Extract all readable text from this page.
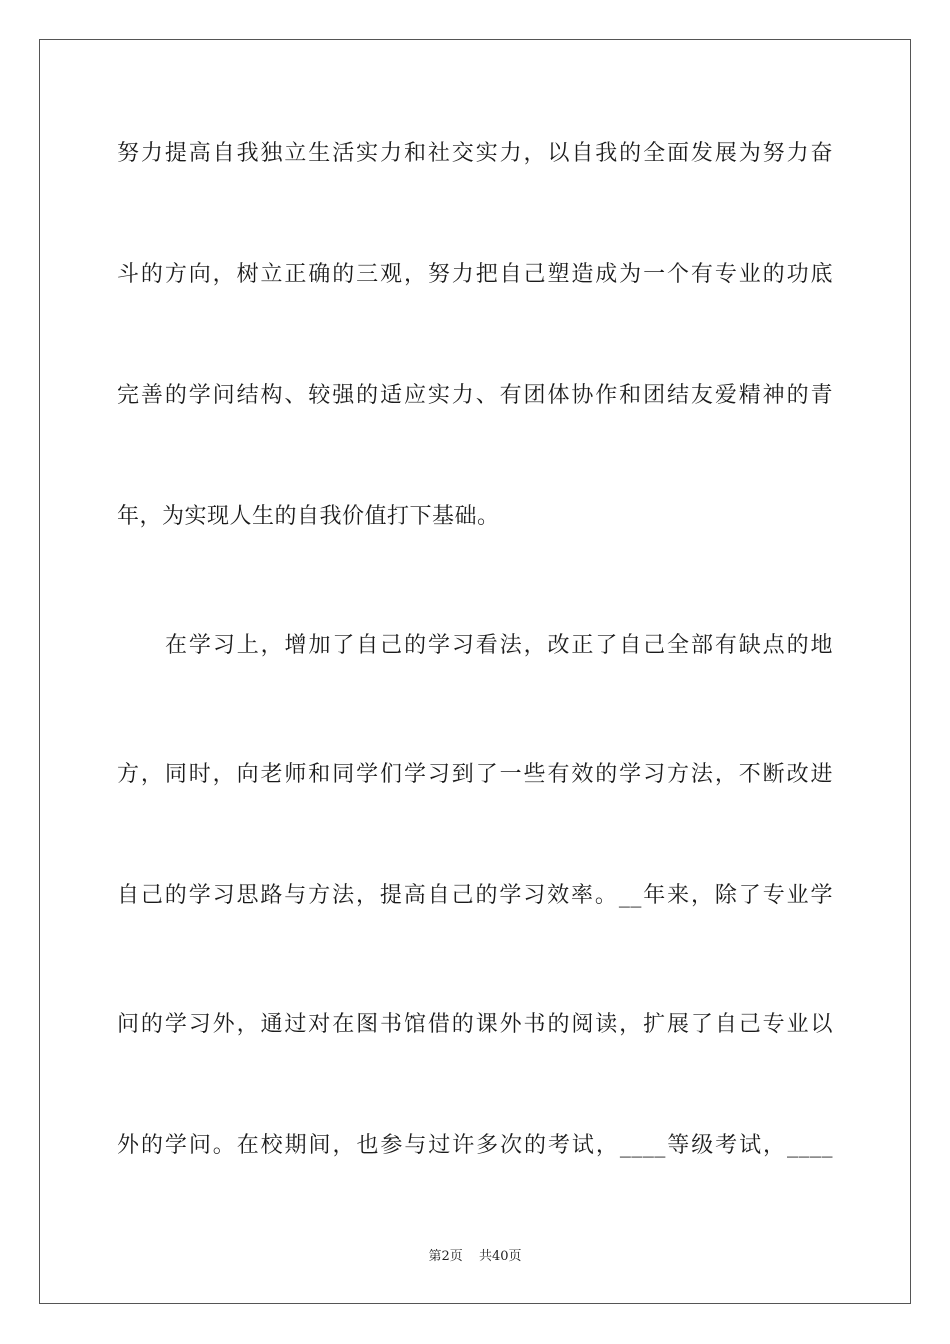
努力提高自我独立生活实力和社交实力，以自我的全面发展为努力奋
斗的方向，树立正确的三观，努力把自己塑造成为一个有专业的功底
完善的学问结构、较强的适应实力、有团体协作和团结友爱精神的青
年，为实现人生的自我价值打下基础。
在学习上，增加了自己的学习看法，改正了自己全部有缺点的地
方，同时，向老师和同学们学习到了一些有效的学习方法，不断改进
自己的学习思路与方法，提高自己的学习效率。__年来，除了专业学
问的学习外，通过对在图书馆借的课外书的阅读，扩展了自己专业以
外的学问。在校期间，也参与过许多次的考试，____等级考试，____
第2页 共40页
